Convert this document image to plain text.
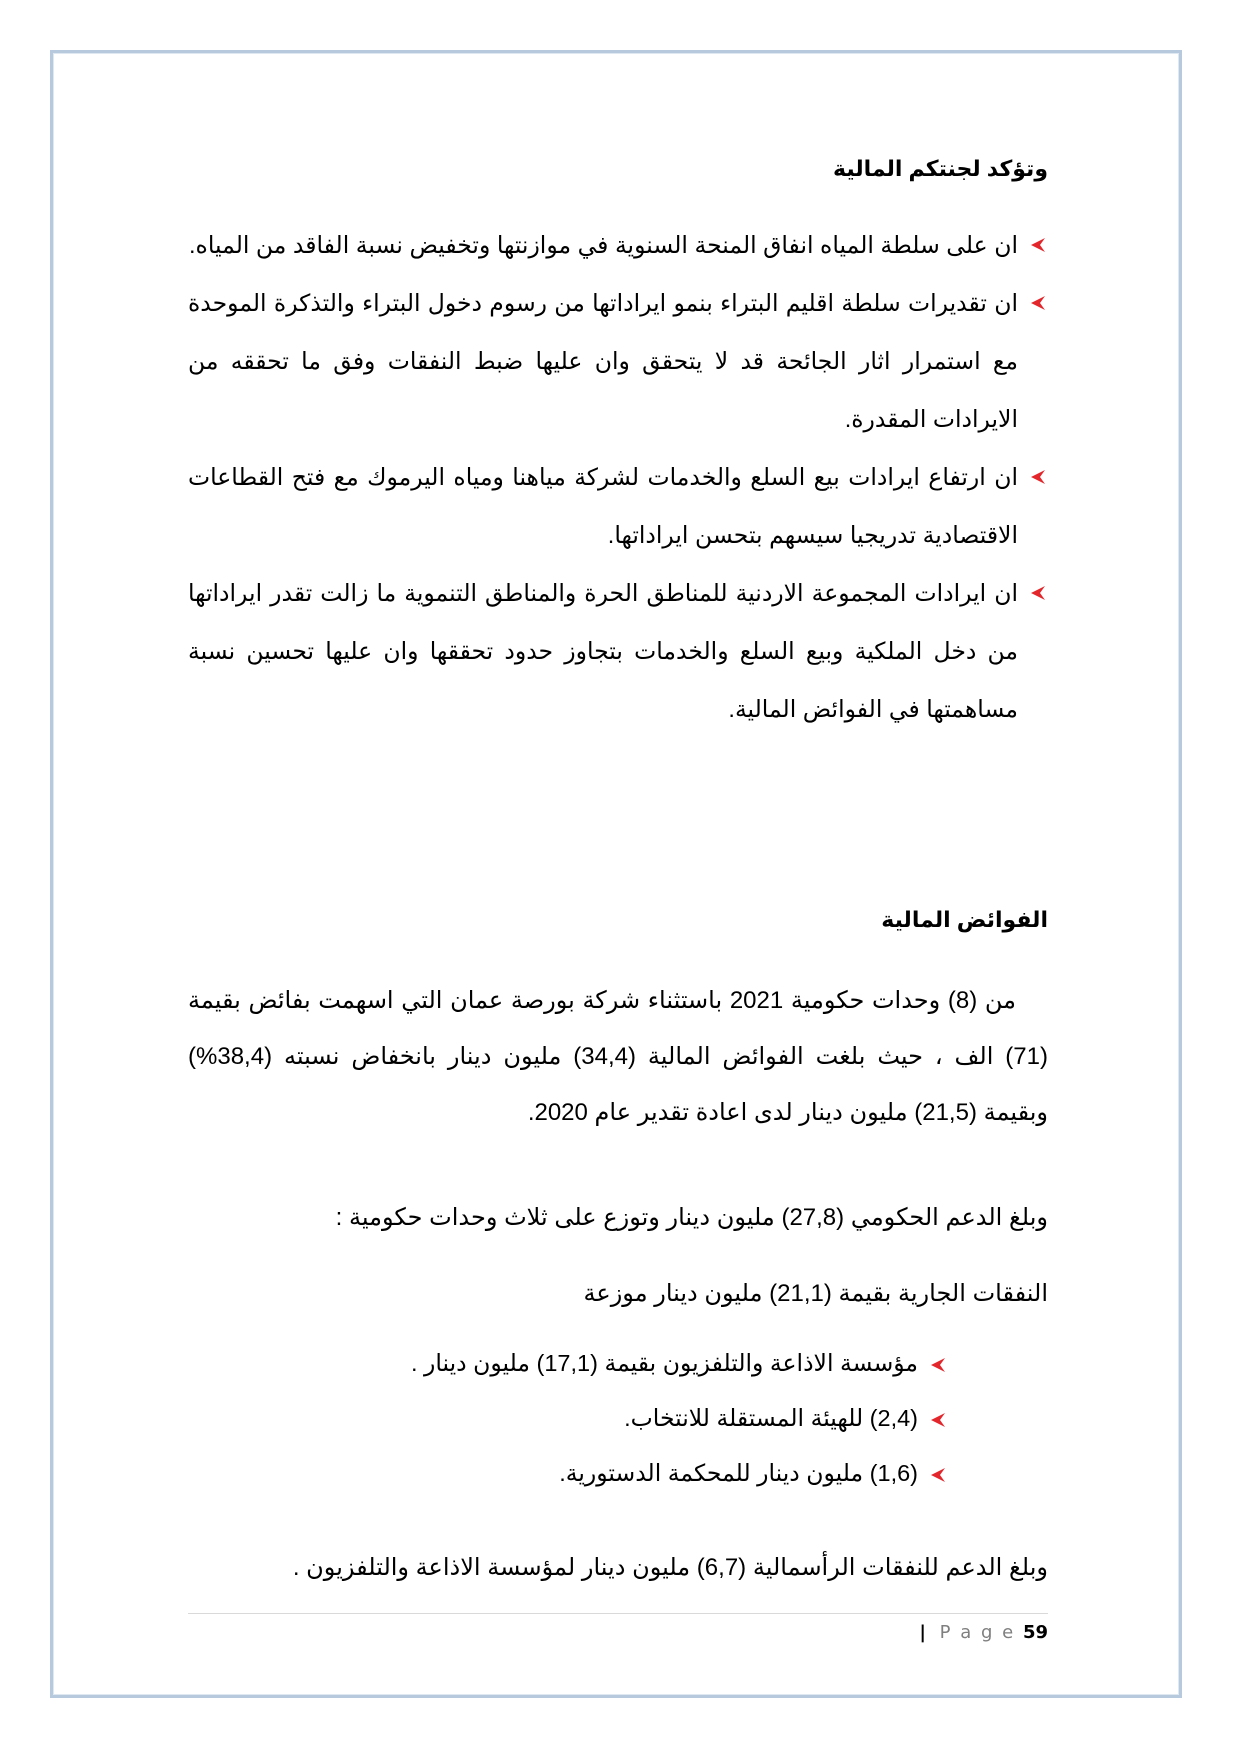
وتؤكد لجنتكم المالية
ان على سلطة المياه انفاق المنحة السنوية في موازنتها وتخفيض نسبة الفاقد من المياه.
ان تقديرات سلطة اقليم البتراء بنمو ايراداتها من رسوم دخول البتراء والتذكرة الموحدة مع استمرار اثار الجائحة قد لا يتحقق وان عليها ضبط النفقات وفق ما تحققه من الايرادات المقدرة.
ان ارتفاع ايرادات بيع السلع والخدمات لشركة مياهنا ومياه اليرموك مع فتح القطاعات الاقتصادية تدريجيا سيسهم بتحسن ايراداتها.
ان ايرادات المجموعة الاردنية للمناطق الحرة والمناطق التنموية ما زالت تقدر ايراداتها من دخل الملكية وبيع السلع والخدمات بتجاوز حدود تحققها وان عليها تحسين نسبة مساهمتها في الفوائض المالية.
الفوائض المالية

من (8) وحدات حكومية 2021 باستثناء شركة بورصة عمان التي اسهمت بفائض بقيمة (71) الف ، حيث بلغت الفوائض المالية (34,4) مليون دينار بانخفاض نسبته (38,4%) وبقيمة (21,5) مليون دينار لدى اعادة تقدير عام 2020.

وبلغ الدعم الحكومي (27,8) مليون دينار وتوزع على ثلاث وحدات حكومية :

النفقات الجارية بقيمة (21,1) مليون دينار موزعة

مؤسسة الاذاعة والتلفزيون بقيمة (17,1) مليون دينار .
(2,4) للهيئة المستقلة للانتخاب.
(1,6) مليون دينار للمحكمة الدستورية.

وبلغ الدعم للنفقات الرأسمالية (6,7) مليون دينار لمؤسسة الاذاعة والتلفزيون .

| P a g e 59
